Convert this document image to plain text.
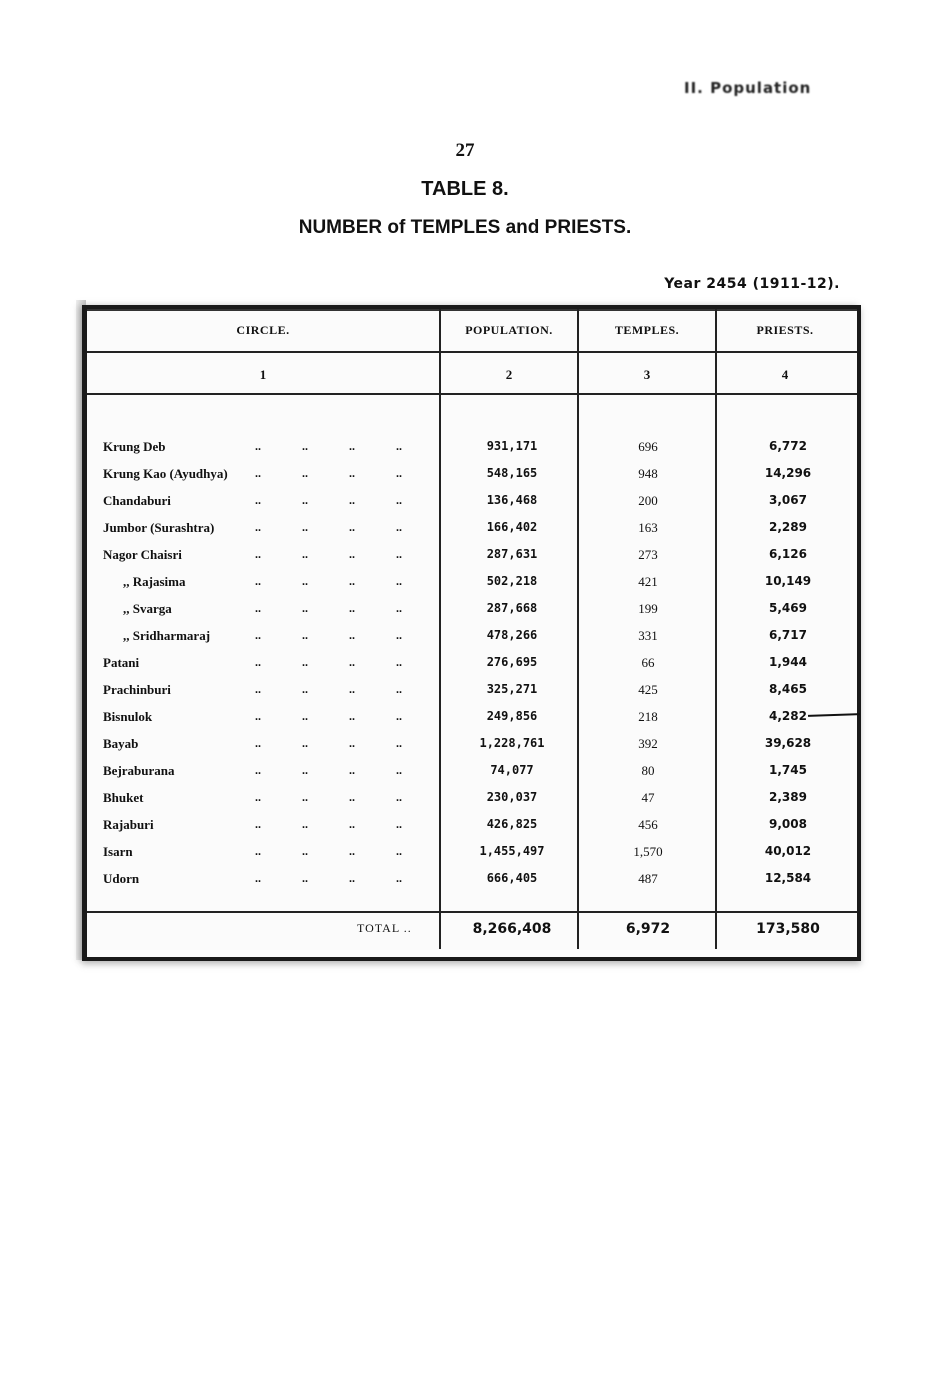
II. Population
27
TABLE 8.
NUMBER of TEMPLES and PRIESTS.
Year 2454 (1911-12).
CIRCLE.	POPULATION.	TEMPLES.	PRIESTS.
1	2	3	4
Krung Deb	.. .. .. ..	931,171	696	6,772
Krung Kao (Ayudhya) .. .. .. ..	548,165	948	14,296
Chandaburi	.. .. .. ..	136,468	200	3,067
Jumbor (Surashtra)	.. .. .. ..	166,402	163	2,289
Nagor Chaisri	.. .. .. ..	287,631	273	6,126
,, Rajasima	.. .. .. ..	502,218	421	10,149
,, Svarga	.. .. .. ..	287,668	199	5,469
,, Sridharmaraj	.. .. .. ..	478,266	331	6,717
Patani	.. .. .. ..	276,695	66	1,944
Prachinburi	.. .. .. ..	325,271	425	8,465
Bisnulok	.. .. .. ..	249,856	218	4,282
Bayab	.. .. .. ..	1,228,761	392	39,628
Bejraburana	.. .. .. ..	74,077	80	1,745
Bhuket	.. .. .. ..	230,037	47	2,389
Rajaburi	.. .. .. ..	426,825	456	9,008
Isarn	.. .. .. ..	1,455,497	1,570	40,012
Udorn	.. .. .. ..	666,405	487	12,584
TOTAL ..	8,266,408	6,972	173,580
